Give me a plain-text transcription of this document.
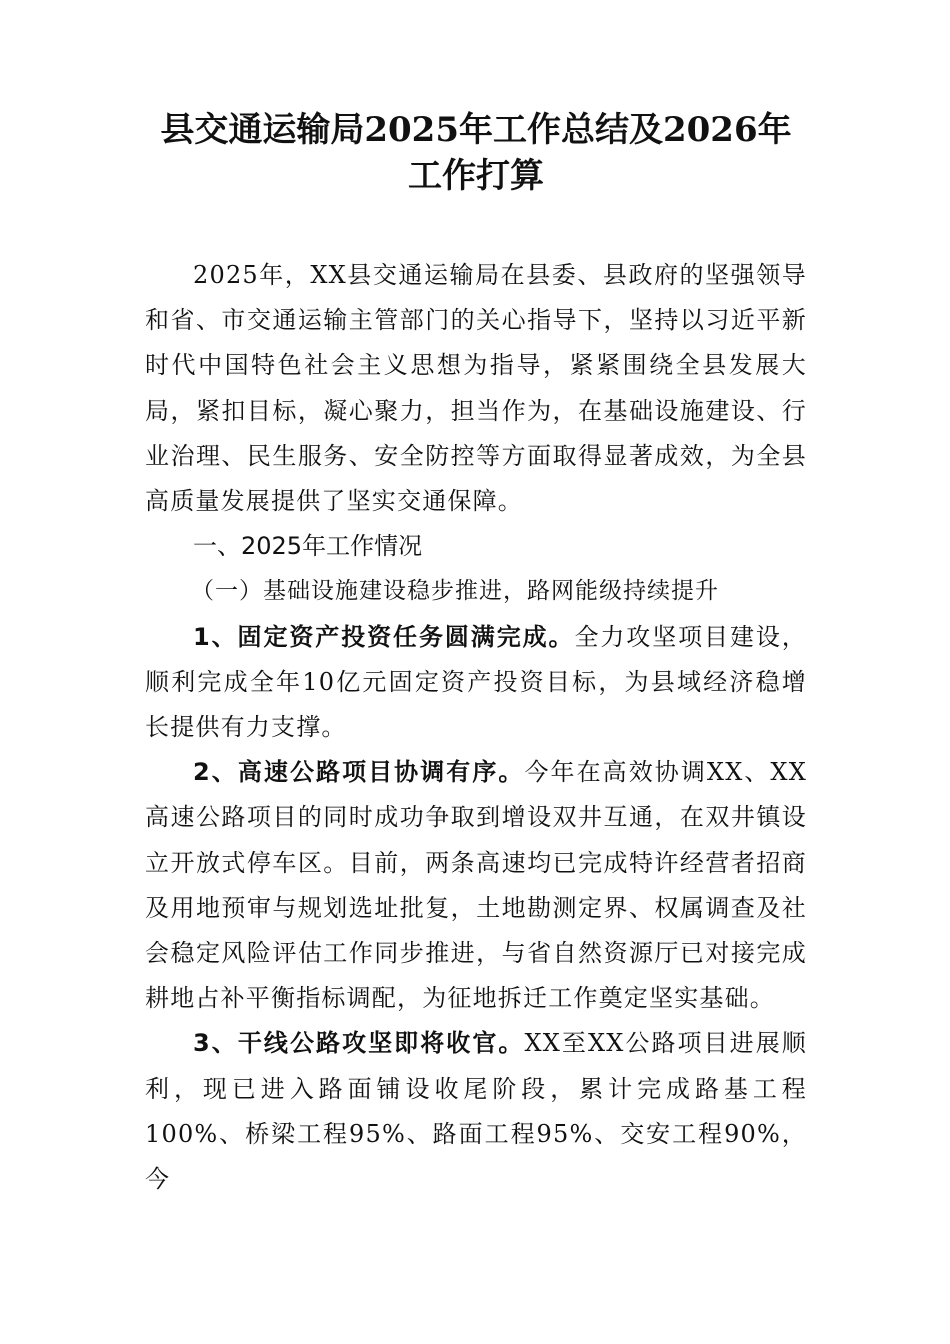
县交通运输局2025年工作总结及2026年工作打算

2025年，XX县交通运输局在县委、县政府的坚强领导和省、市交通运输主管部门的关心指导下，坚持以习近平新时代中国特色社会主义思想为指导，紧紧围绕全县发展大局，紧扣目标，凝心聚力，担当作为，在基础设施建设、行业治理、民生服务、安全防控等方面取得显著成效，为全县高质量发展提供了坚实交通保障。

一、2025年工作情况

（一）基础设施建设稳步推进，路网能级持续提升

1、固定资产投资任务圆满完成。全力攻坚项目建设，顺利完成全年10亿元固定资产投资目标，为县域经济稳增长提供有力支撑。

2、高速公路项目协调有序。今年在高效协调XX、XX高速公路项目的同时成功争取到增设双井互通，在双井镇设立开放式停车区。目前，两条高速均已完成特许经营者招商及用地预审与规划选址批复，土地勘测定界、权属调查及社会稳定风险评估工作同步推进，与省自然资源厅已对接完成耕地占补平衡指标调配，为征地拆迁工作奠定坚实基础。

3、干线公路攻坚即将收官。XX至XX公路项目进展顺利，现已进入路面铺设收尾阶段，累计完成路基工程100%、桥梁工程95%、路面工程95%、交安工程90%，今
